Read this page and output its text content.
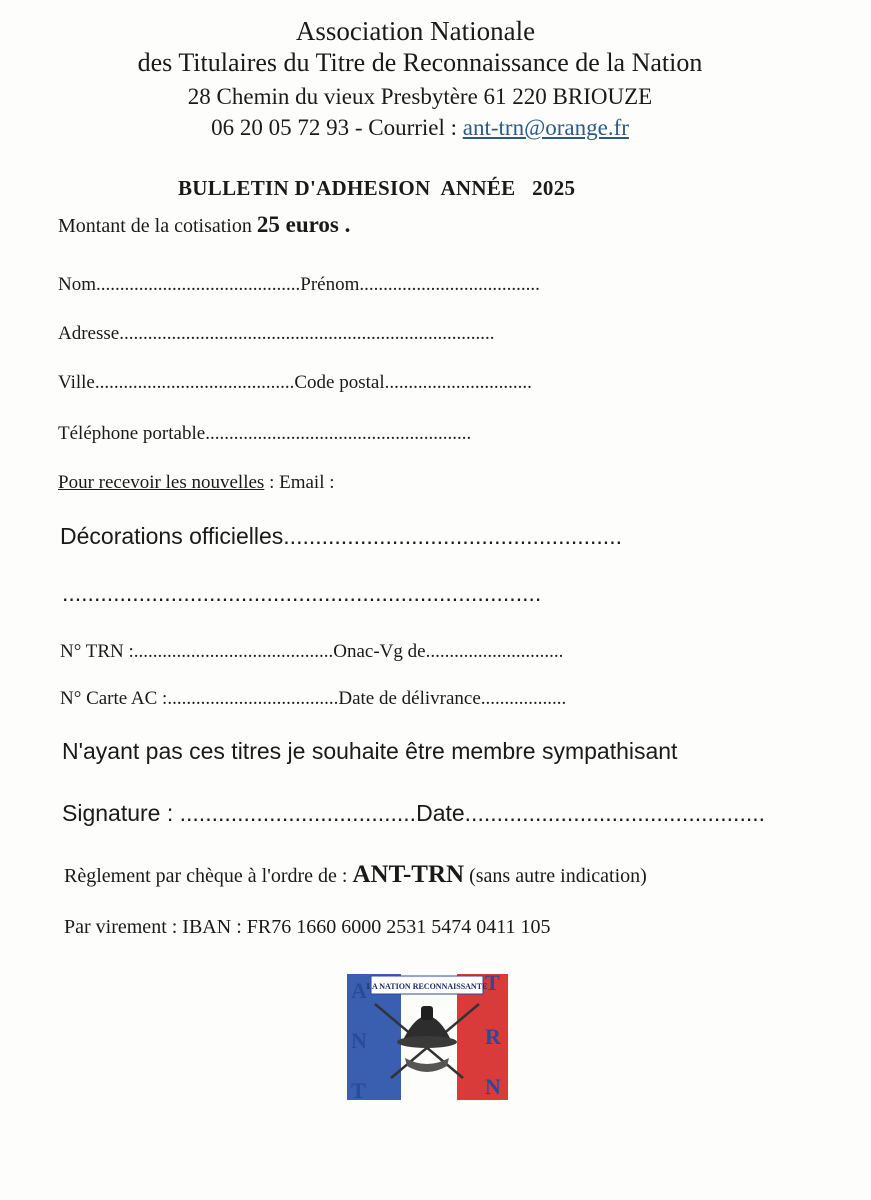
Association Nationale
des Titulaires du Titre de Reconnaissance de la Nation
28 Chemin du vieux Presbytère 61 220 BRIOUZE
06 20 05 72 93 - Courriel : ant-trn@orange.fr
BULLETIN D'ADHESION  ANNÉE   2025
Montant de la cotisation 25 euros .
Nom...........................................Prénom......................................
Adresse...............................................................................
Ville..........................................Code postal...............................
Téléphone portable........................................................
Pour recevoir les nouvelles : Email :
Décorations officielles.....................................................
...........................................................................
N° TRN :..........................................Onac-Vg de.............................
N° Carte AC :....................................Date de délivrance..................
N'ayant pas ces titres je souhaite être membre sympathisant
Signature : .....................................Date...............................................
Règlement par chèque à l'ordre de : ANT-TRN (sans autre indication)
Par virement : IBAN : FR76 1660 6000 2531 5474 0411 105
LA NATION RECONNAISSANTE
A
N
T
T
R
N
